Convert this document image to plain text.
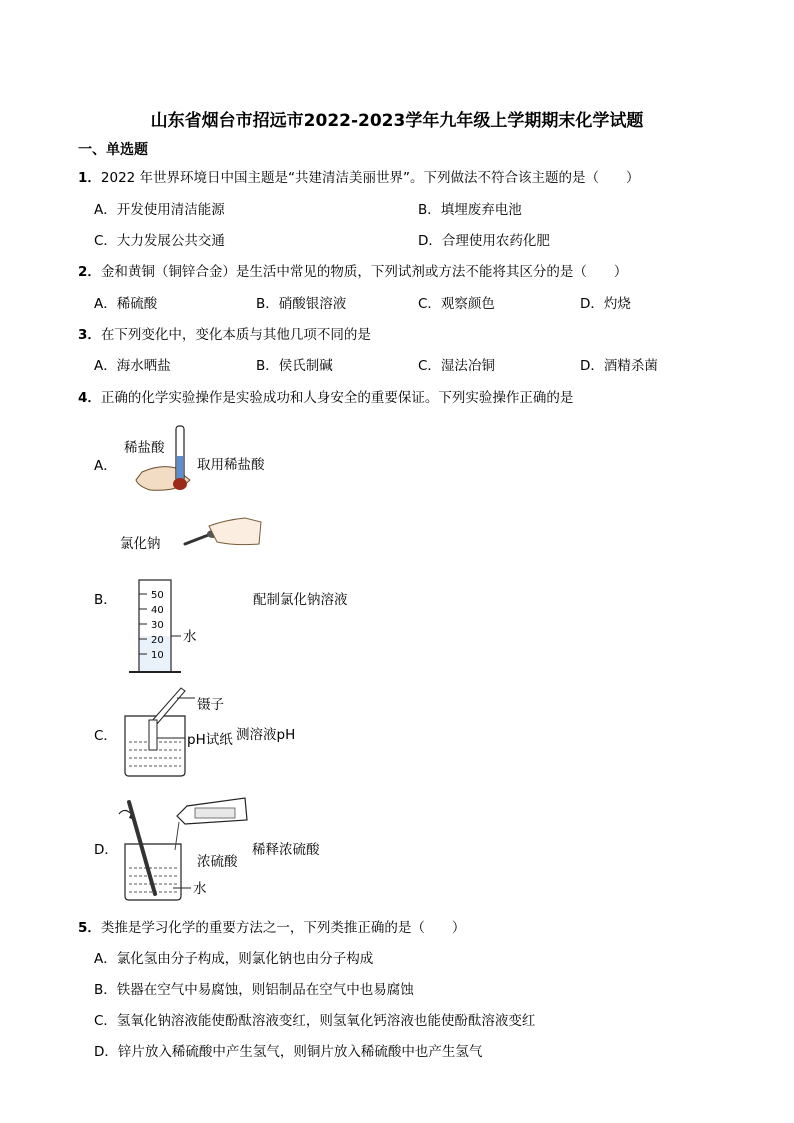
山东省烟台市招远市2022-2023学年九年级上学期期末化学试题
一、单选题
1．2022 年世界环境日中国主题是“共建清洁美丽世界”。下列做法不符合该主题的是（　　）
A．开发使用清洁能源	B．填埋废弃电池
C．大力发展公共交通	D．合理使用农药化肥
2．金和黄铜（铜锌合金）是生活中常见的物质，下列试剂或方法不能将其区分的是（　　）
A．稀硫酸	B．硝酸银溶液	C．观察颜色	D．灼烧
3．在下列变化中，变化本质与其他几项不同的是
A．海水晒盐	B．侯氏制碱	C．湿法冶铜	D．酒精杀菌
4．正确的化学实验操作是实验成功和人身安全的重要保证。下列实验操作正确的是
A．
稀盐酸
取用稀盐酸
B．
氯化钠
50
40
30
20
10
水
配制氯化钠溶液
C．
镊子
pH试纸 测溶液pH
D．
浓硫酸
水
稀释浓硫酸
5．类推是学习化学的重要方法之一，下列类推正确的是（　　）
A．氯化氢由分子构成，则氯化钠也由分子构成
B．铁器在空气中易腐蚀，则铝制品在空气中也易腐蚀
C．氢氧化钠溶液能使酚酞溶液变红，则氢氧化钙溶液也能使酚酞溶液变红
D．锌片放入稀硫酸中产生氢气，则铜片放入稀硫酸中也产生氢气
